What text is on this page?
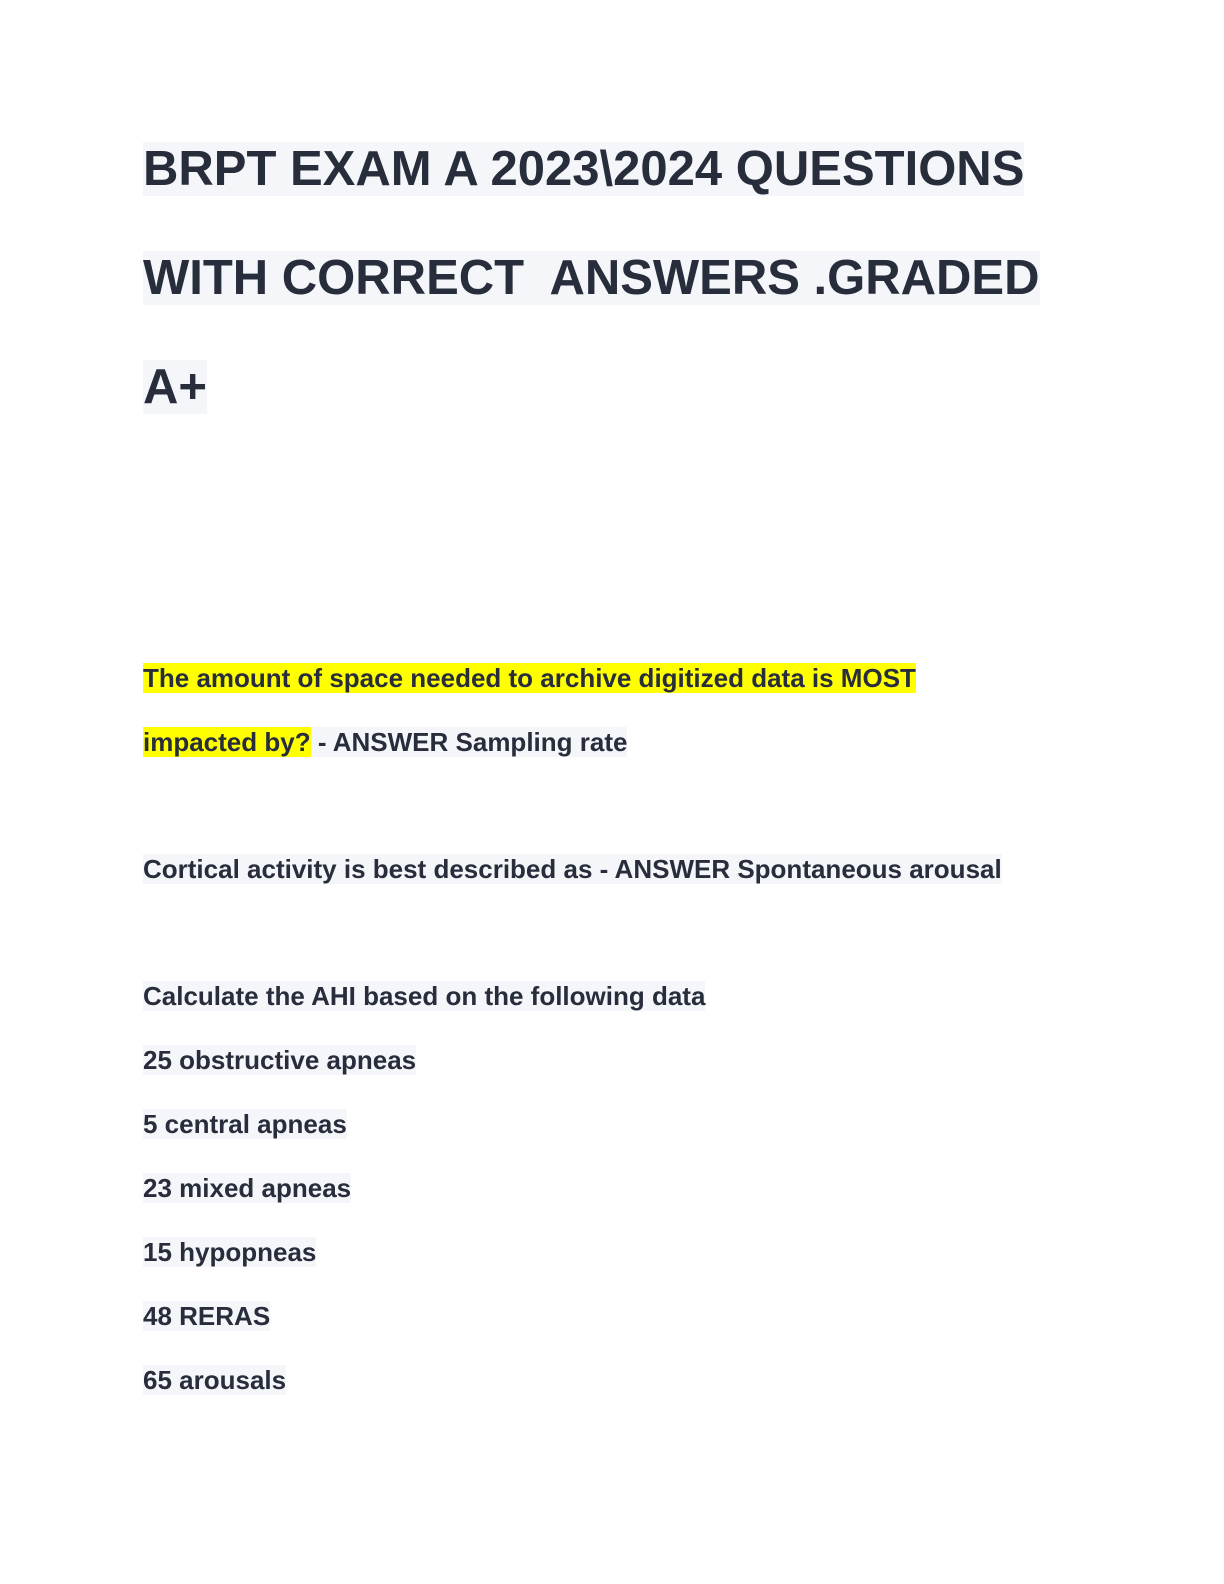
BRPT EXAM A 2023\2024 QUESTIONS
WITH CORRECT  ANSWERS .GRADED
A+
The amount of space needed to archive digitized data is MOST
impacted by? - ANSWER Sampling rate
Cortical activity is best described as - ANSWER Spontaneous arousal
Calculate the AHI based on the following data
25 obstructive apneas
5 central apneas
23 mixed apneas
15 hypopneas
48 RERAS
65 arousals
